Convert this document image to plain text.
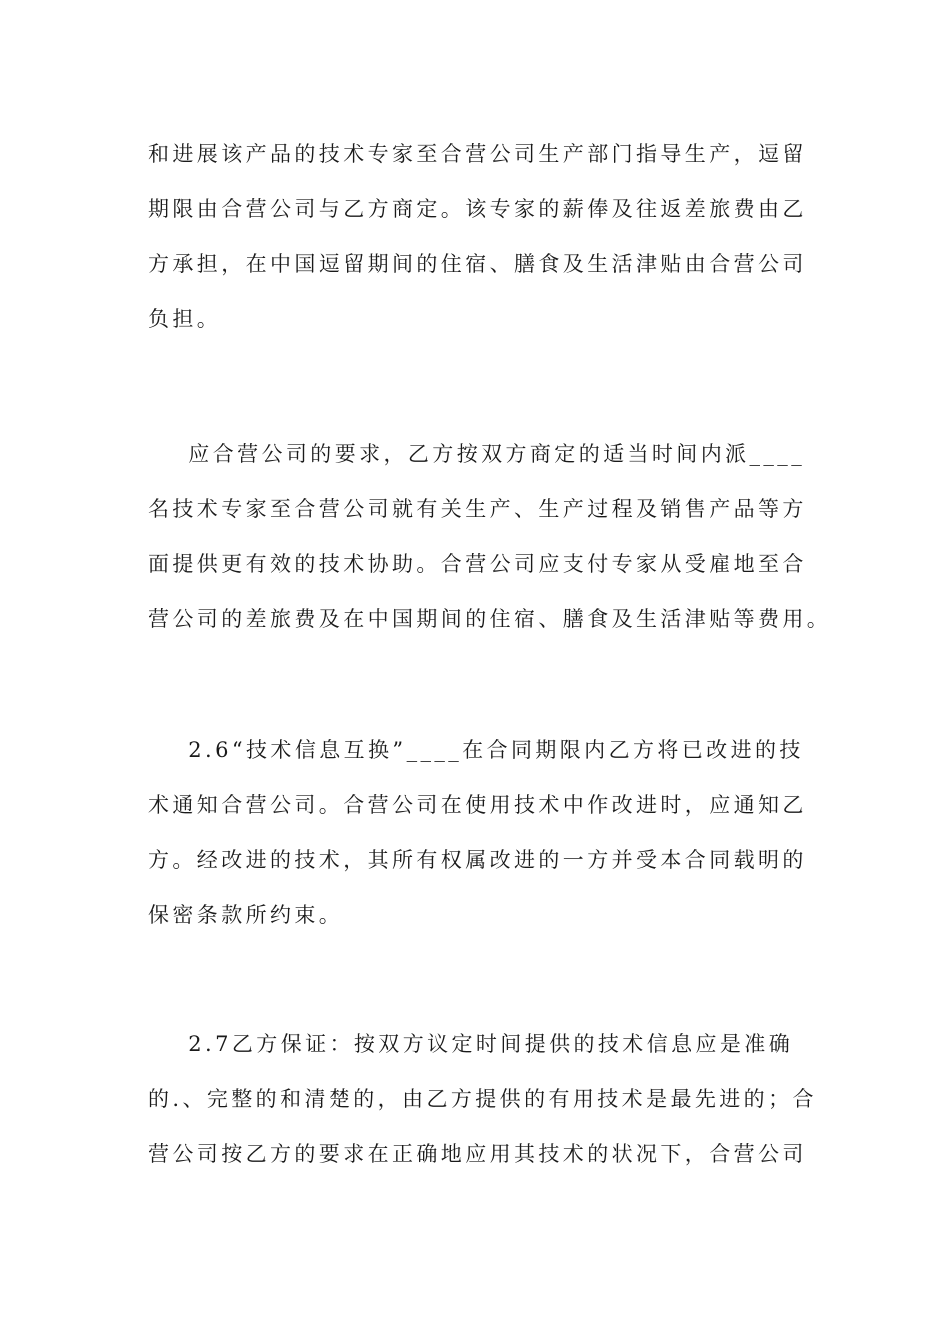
和进展该产品的技术专家至合营公司生产部门指导生产，逗留
期限由合营公司与乙方商定。该专家的薪俸及往返差旅费由乙
方承担，在中国逗留期间的住宿、膳食及生活津贴由合营公司
负担。
应合营公司的要求，乙方按双方商定的适当时间内派____
名技术专家至合营公司就有关生产、生产过程及销售产品等方
面提供更有效的技术协助。合营公司应支付专家从受雇地至合
营公司的差旅费及在中国期间的住宿、膳食及生活津贴等费用。
2.6“技术信息互换”____在合同期限内乙方将已改进的技
术通知合营公司。合营公司在使用技术中作改进时，应通知乙
方。经改进的技术，其所有权属改进的一方并受本合同载明的
保密条款所约束。
2.7乙方保证：按双方议定时间提供的技术信息应是准确
的.、完整的和清楚的，由乙方提供的有用技术是最先进的；合
营公司按乙方的要求在正确地应用其技术的状况下，合营公司
